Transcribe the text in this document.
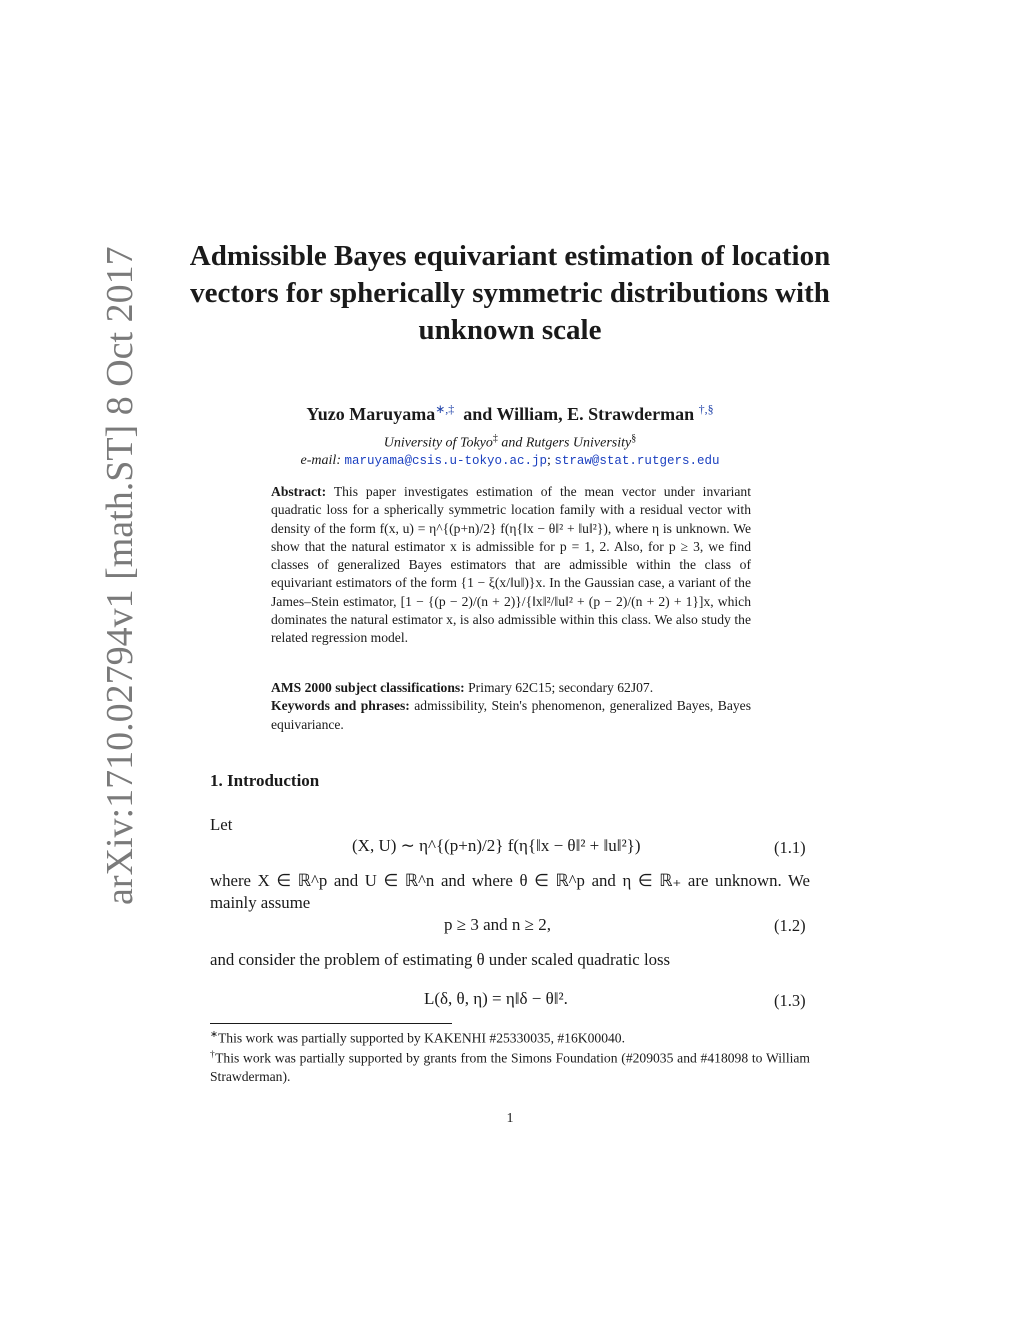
arXiv:1710.02794v1 [math.ST] 8 Oct 2017	Admissible Bayes equivariant estimation of location vectors for spherically symmetric distributions with unknown scale
Yuzo Maruyama∗,‡ and William, E. Strawderman †,§
University of Tokyo‡ and Rutgers University§
e-mail: maruyama@csis.u-tokyo.ac.jp; straw@stat.rutgers.edu
Abstract: This paper investigates estimation of the mean vector under invariant quadratic loss for a spherically symmetric location family with a residual vector with density of the form f(x, u) = η^{(p+n)/2} f(η{‖x − θ‖² + ‖u‖²}), where η is unknown. We show that the natural estimator x is admissible for p = 1, 2. Also, for p ≥ 3, we find classes of generalized Bayes estimators that are admissible within the class of equivariant estimators of the form {1 − ξ(x/‖u‖)}x. In the Gaussian case, a variant of the James–Stein estimator, [1 − {(p − 2)/(n + 2)}/{‖x‖²/‖u‖² + (p − 2)/(n + 2) + 1}]x, which dominates the natural estimator x, is also admissible within this class. We also study the related regression model.
AMS 2000 subject classifications: Primary 62C15; secondary 62J07.
Keywords and phrases: admissibility, Stein's phenomenon, generalized Bayes, Bayes equivariance.
1. Introduction
Let
(X, U) ∼ η^{(p+n)/2} f(η{‖x − θ‖² + ‖u‖²})	(1.1)
where X ∈ ℝ^p and U ∈ ℝ^n and where θ ∈ ℝ^p and η ∈ ℝ₊ are unknown. We mainly assume
p ≥ 3 and n ≥ 2,	(1.2)
and consider the problem of estimating θ under scaled quadratic loss
L(δ, θ, η) = η‖δ − θ‖².	(1.3)
∗This work was partially supported by KAKENHI #25330035, #16K00040.
†This work was partially supported by grants from the Simons Foundation (#209035 and #418098 to William Strawderman).
1
